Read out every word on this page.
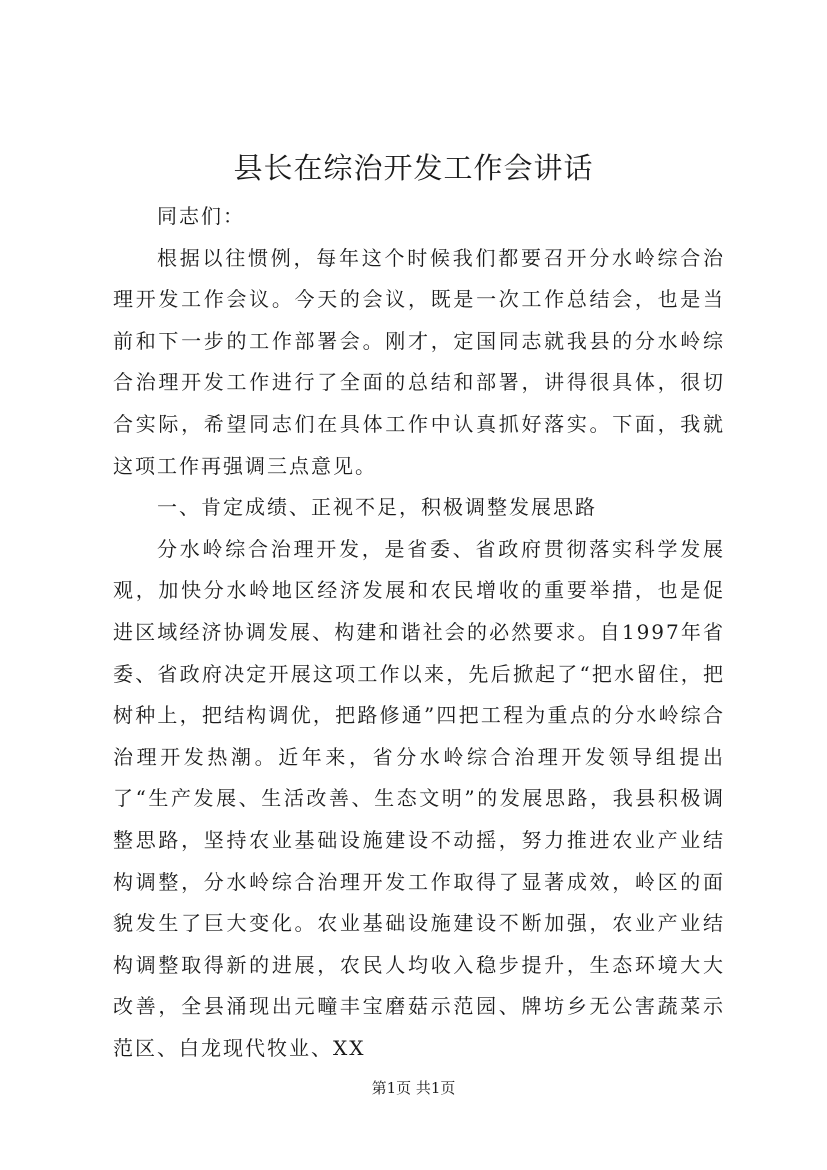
县长在综治开发工作会讲话

同志们：

根据以往惯例，每年这个时候我们都要召开分水岭综合治理开发工作会议。今天的会议，既是一次工作总结会，也是当前和下一步的工作部署会。刚才，定国同志就我县的分水岭综合治理开发工作进行了全面的总结和部署，讲得很具体，很切合实际，希望同志们在具体工作中认真抓好落实。下面，我就这项工作再强调三点意见。

一、肯定成绩、正视不足，积极调整发展思路

分水岭综合治理开发，是省委、省政府贯彻落实科学发展观，加快分水岭地区经济发展和农民增收的重要举措，也是促进区域经济协调发展、构建和谐社会的必然要求。自1997年省委、省政府决定开展这项工作以来，先后掀起了“把水留住，把树种上，把结构调优，把路修通”四把工程为重点的分水岭综合治理开发热潮。近年来，省分水岭综合治理开发领导组提出了“生产发展、生活改善、生态文明”的发展思路，我县积极调整思路，坚持农业基础设施建设不动摇，努力推进农业产业结构调整，分水岭综合治理开发工作取得了显著成效，岭区的面貌发生了巨大变化。农业基础设施建设不断加强，农业产业结构调整取得新的进展，农民人均收入稳步提升，生态环境大大改善，全县涌现出元疃丰宝磨菇示范园、牌坊乡无公害蔬菜示范区、白龙现代牧业、XX

第1页 共1页
